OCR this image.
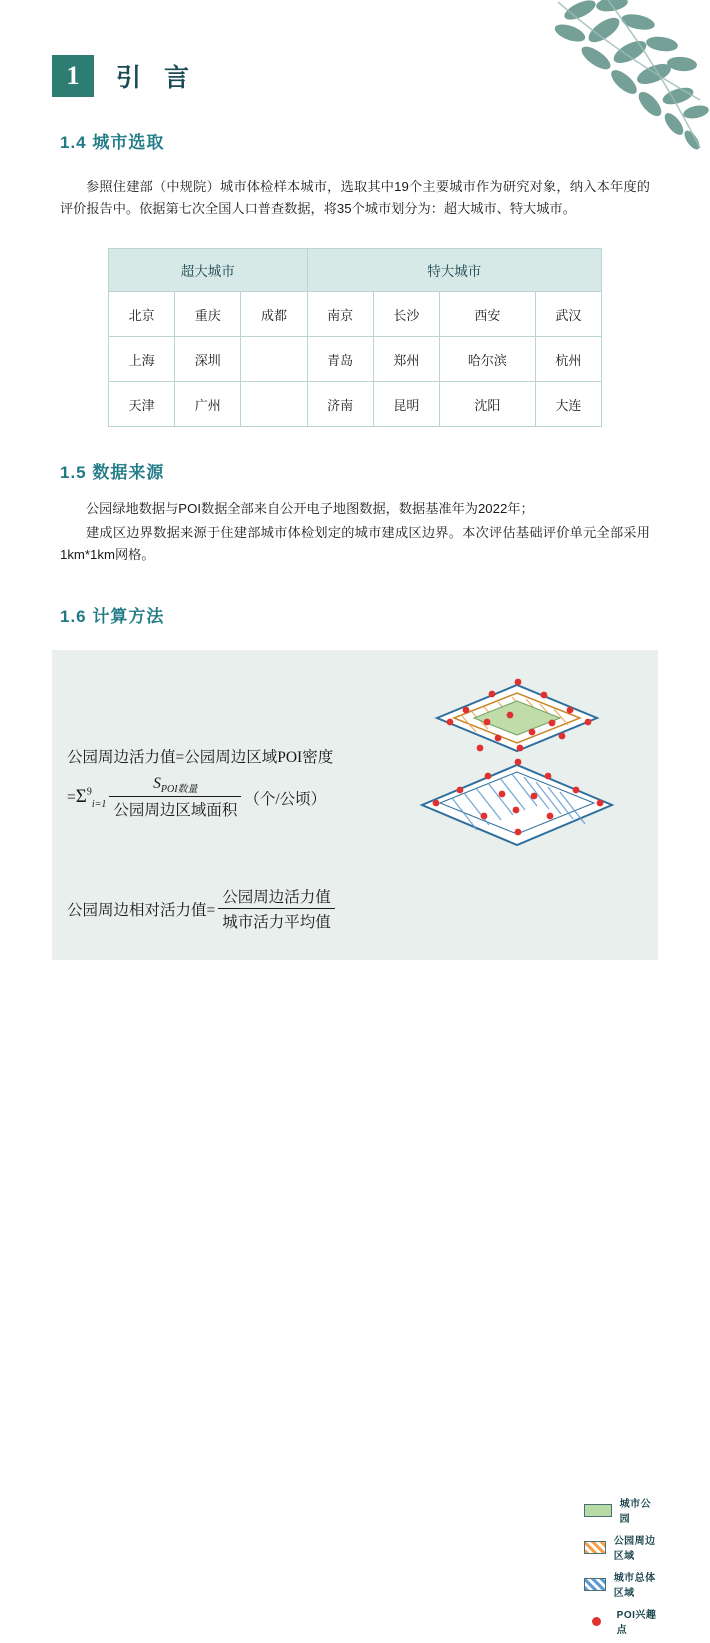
1	引 言
1.4 城市选取
参照住建部（中规院）城市体检样本城市，选取其中19个主要城市作为研究对象，纳入本年度的评价报告中。依据第七次全国人口普查数据，将35个城市划分为：超大城市、特大城市。
超大城市			特大城市			
北京	重庆	成都	南京	长沙	西安	武汉
上海	深圳		青岛	郑州	哈尔滨	杭州
天津	广州		济南	昆明	沈阳	大连
1.5 数据来源
公园绿地数据与POI数据全部来自公开电子地图数据，数据基准年为2022年；
建成区边界数据来源于住建部城市体检划定的城市建成区边界。本次评估基础评价单元全部采用1km*1km网格。
1.6 计算方法
公园周边活力值=公园周边区域POI密度
= $\Sigma^9_{i=1} \frac{S_{POI数量}}{\text{公园周边区域面积}}$ （个/公顷）
公园周边相对活力值= $\frac{\text{公园周边活力值}}{\text{城市活力平均值}}$
城市公园
公园周边区域
城市总体区域
POI兴趣点
